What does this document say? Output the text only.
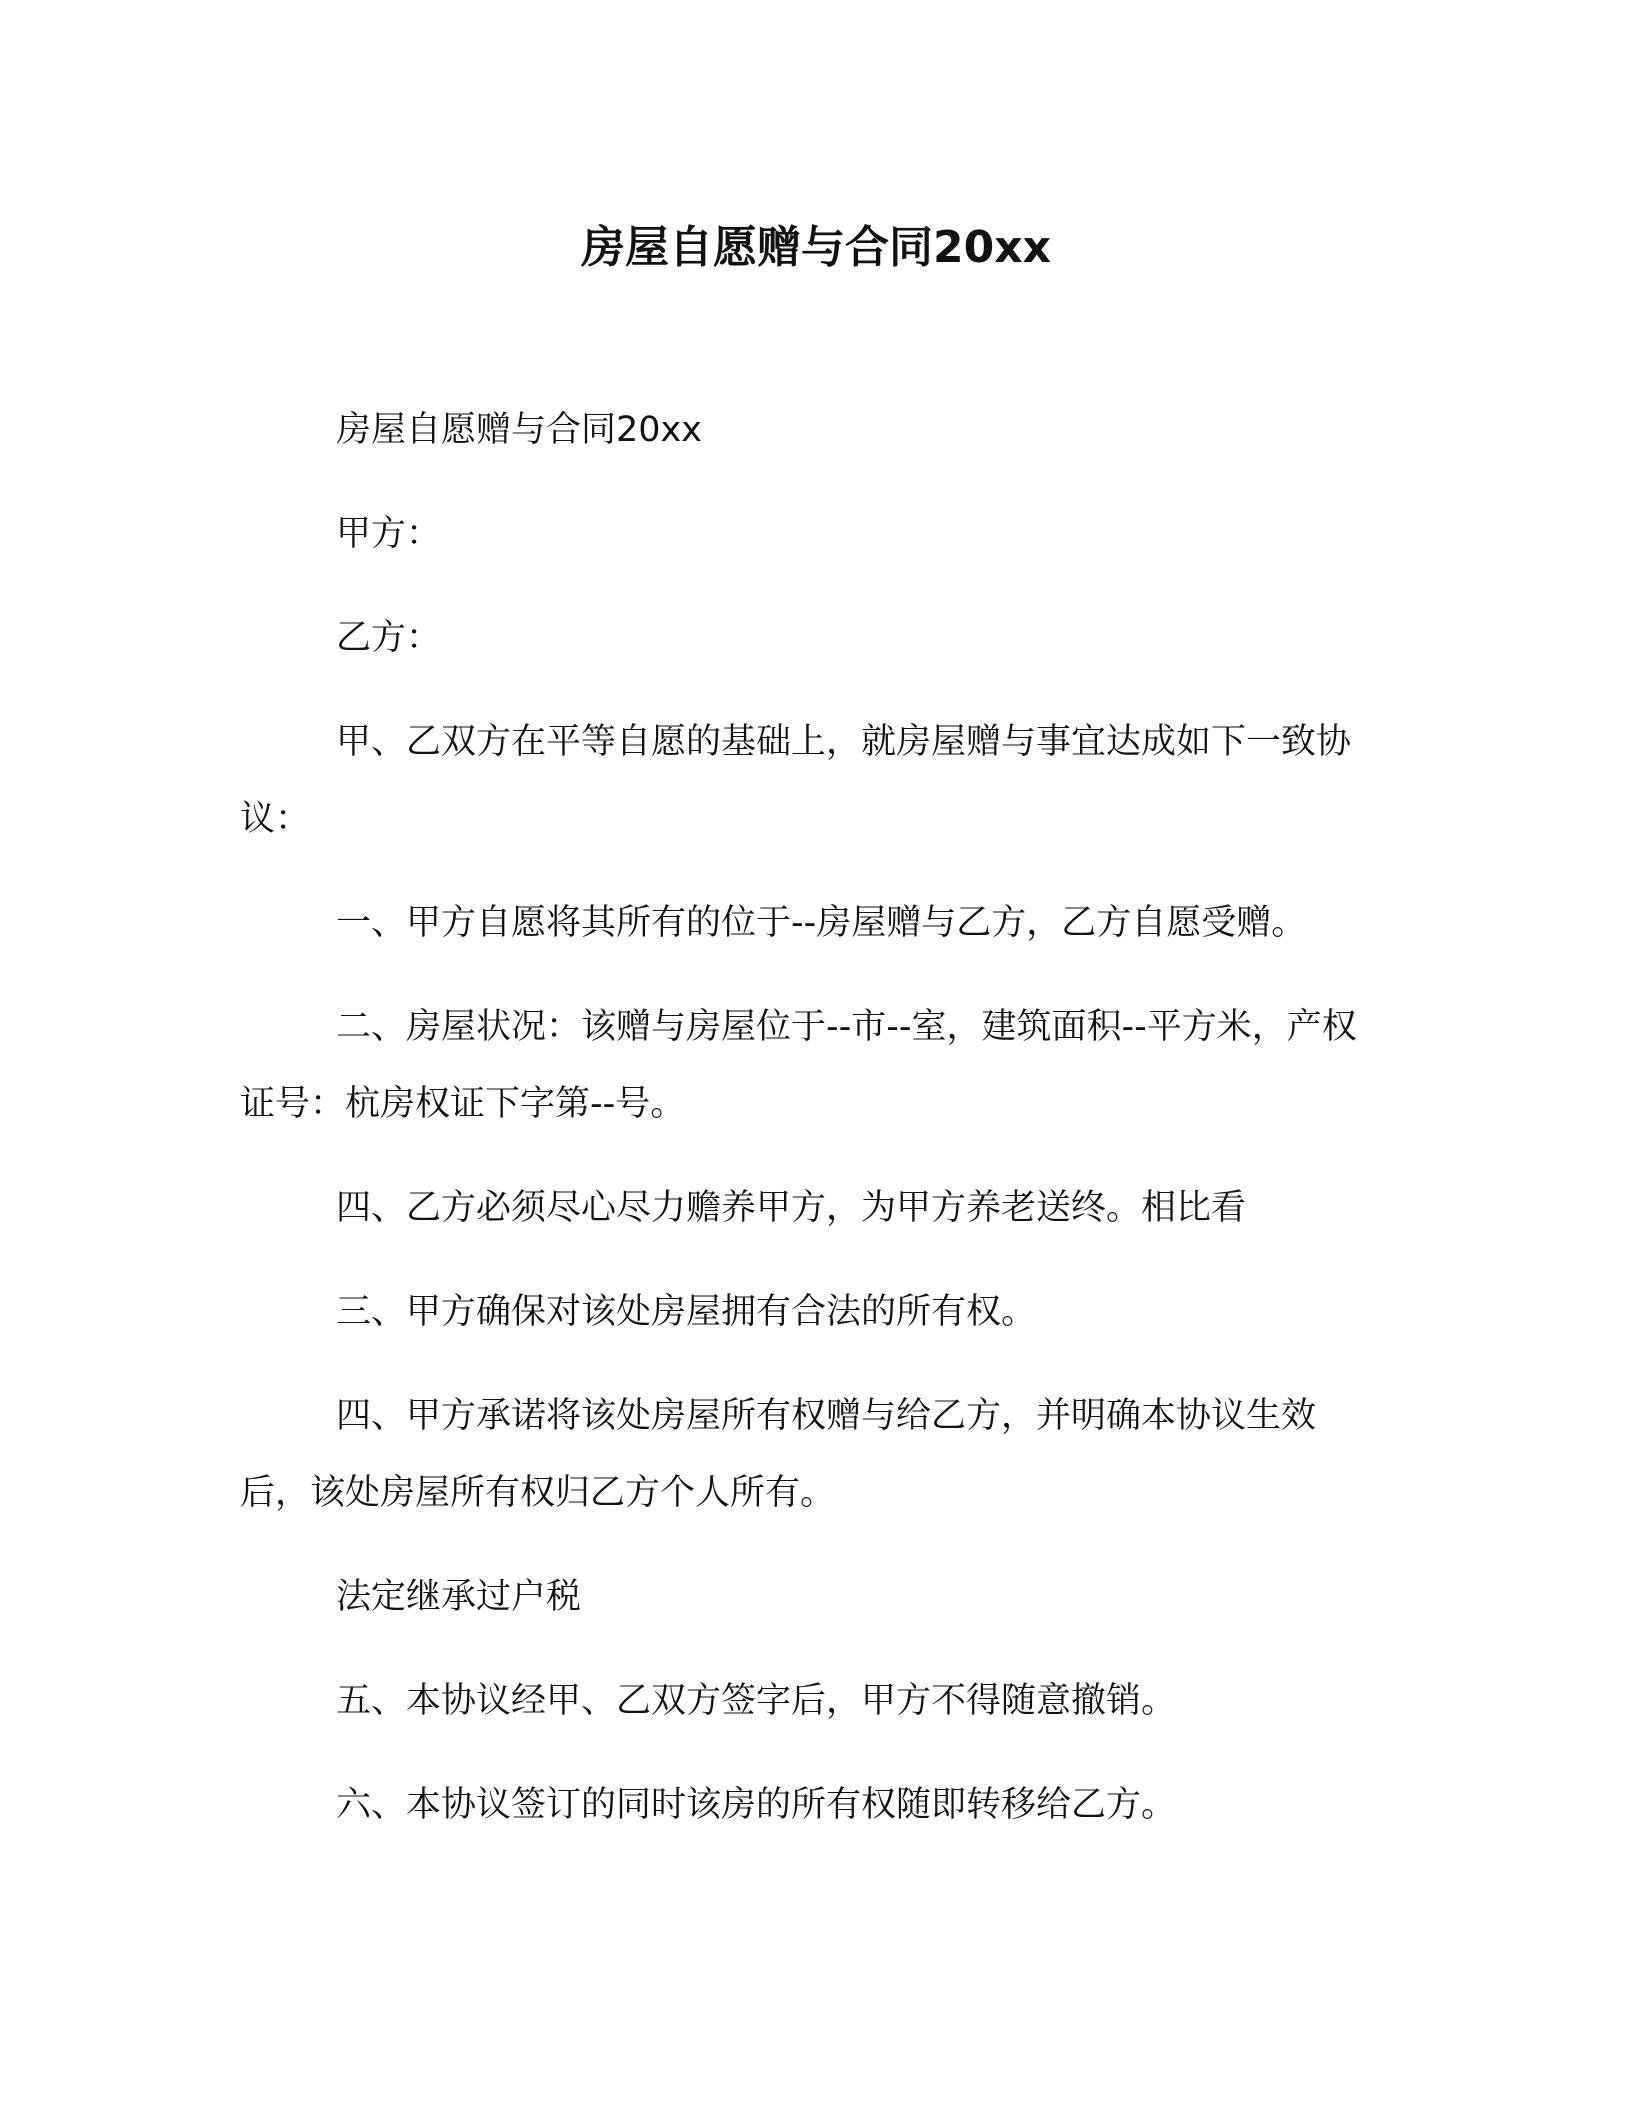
房屋自愿赠与合同20xx

房屋自愿赠与合同20xx

甲方：

乙方：

甲、乙双方在平等自愿的基础上，就房屋赠与事宜达成如下一致协议：

一、甲方自愿将其所有的位于--房屋赠与乙方，乙方自愿受赠。

二、房屋状况：该赠与房屋位于--市--室，建筑面积--平方米，产权证号：杭房权证下字第--号。

四、乙方必须尽心尽力赡养甲方，为甲方养老送终。相比看

三、甲方确保对该处房屋拥有合法的所有权。

四、甲方承诺将该处房屋所有权赠与给乙方，并明确本协议生效后，该处房屋所有权归乙方个人所有。

法定继承过户税

五、本协议经甲、乙双方签字后，甲方不得随意撤销。

六、本协议签订的同时该房的所有权随即转移给乙方。
